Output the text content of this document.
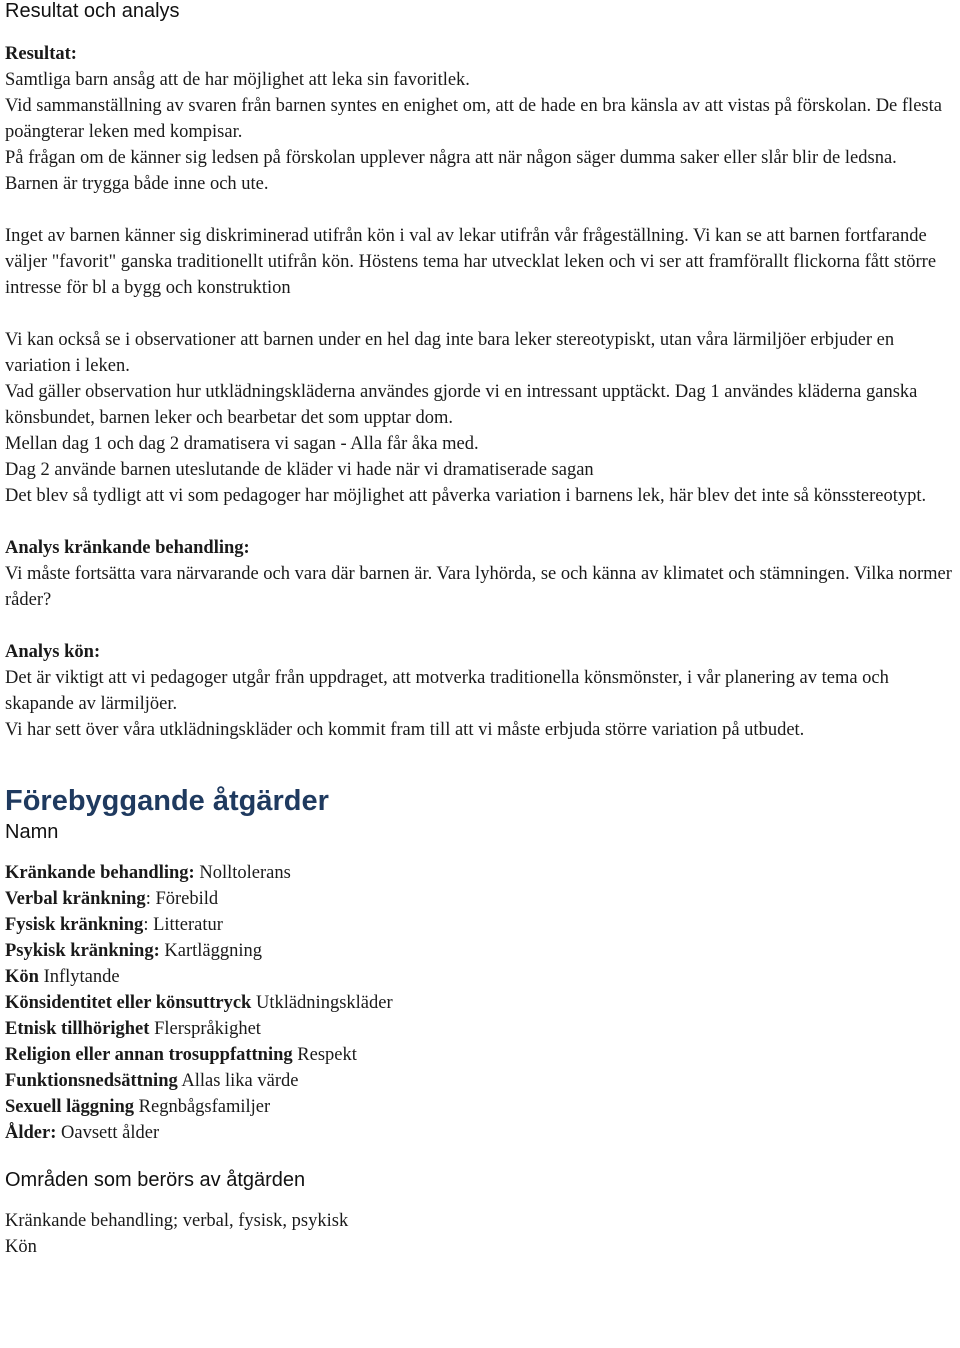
Resultat och analys

Resultat:

Samtliga barn ansåg att de har möjlighet att leka sin favoritlek.

Vid sammanställning av svaren från barnen syntes en enighet om, att de hade en bra känsla av att vistas på förskolan. De flesta poängterar leken med kompisar.

På frågan om de känner sig ledsen på förskolan upplever några att när någon säger dumma saker eller slår blir de ledsna.

Barnen är trygga både inne och ute.

Inget av barnen känner sig diskriminerad utifrån kön i val av lekar utifrån vår frågeställning. Vi kan se att barnen fortfarande väljer "favorit" ganska traditionellt utifrån kön. Höstens tema har utvecklat leken och vi ser att framförallt flickorna fått större intresse för bl a bygg och konstruktion

Vi kan också se i observationer att barnen under en hel dag inte bara leker stereotypiskt, utan våra lärmiljöer erbjuder en variation i leken.

Vad gäller observation hur utklädningskläderna användes gjorde vi en intressant upptäckt. Dag 1 användes kläderna ganska könsbundet, barnen leker och bearbetar det som upptar dom.

Mellan dag 1 och dag 2 dramatisera vi sagan - Alla får åka med.

Dag 2 använde barnen uteslutande de kläder vi hade när vi dramatiserade sagan

Det blev så tydligt att vi som pedagoger har möjlighet att påverka variation i barnens lek, här blev det inte så könsstereotypt.

Analys kränkande behandling:

Vi måste fortsätta vara närvarande och vara där barnen är. Vara lyhörda, se och känna av klimatet och stämningen. Vilka normer råder?

Analys kön:

Det är viktigt att vi pedagoger utgår från uppdraget, att motverka traditionella könsmönster, i vår planering av tema och skapande av lärmiljöer.

Vi har sett över våra utklädningskläder och kommit fram till att vi måste erbjuda större variation på utbudet.

Förebyggande åtgärder

Namn

Kränkande behandling: Nolltolerans

Verbal kränkning: Förebild

Fysisk kränkning: Litteratur

Psykisk kränkning: Kartläggning

Kön Inflytande

Könsidentitet eller könsuttryck Utklädningskläder

Etnisk tillhörighet Flerspråkighet

Religion eller annan trosuppfattning Respekt

Funktionsnedsättning Allas lika värde

Sexuell läggning Regnbågsfamiljer

Ålder: Oavsett ålder

Områden som berörs av åtgärden

Kränkande behandling; verbal, fysisk, psykisk

Kön
